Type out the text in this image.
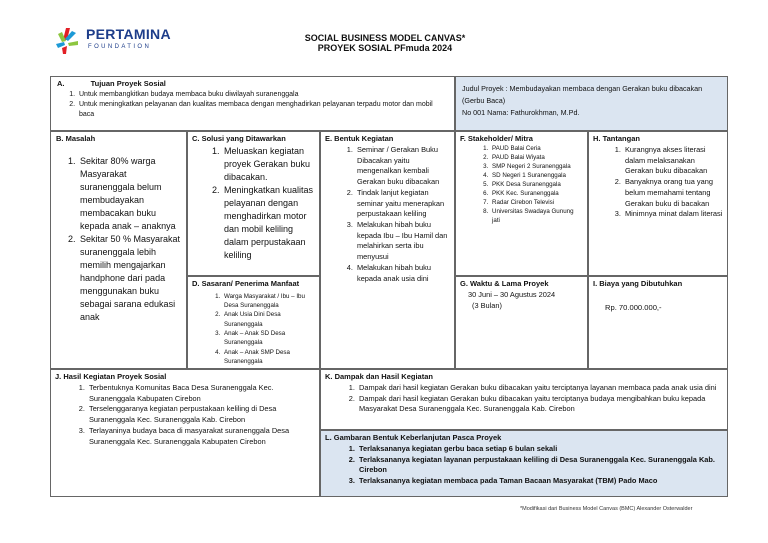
PERTAMINA
FOUNDATION
SOCIAL BUSINESS MODEL CANVAS*
PROYEK SOSIAL PFmuda 2024
A.	Tujuan Proyek Sosial
1. Untuk membangkitkan budaya membaca buku diwilayah suranenggala
2. Untuk meningkatkan pelayanan dan kualitas membaca dengan menghadirkan pelayanan terpadu motor dan mobil baca
Judul Proyek : Membudayakan membaca dengan Gerakan buku dibacakan (Gerbu Baca)
No 001 Nama: Fathurokhman, M.Pd.
B. Masalah
1. Sekitar 80% warga Masyarakat suranenggala belum membudayakan membacakan buku kepada anak – anaknya
2. Sekitar 50 % Masyarakat suranenggala lebih memilih mengajarkan handphone dari pada menggunakan buku sebagai sarana edukasi anak
C. Solusi yang Ditawarkan
1. Meluaskan kegiatan proyek Gerakan buku dibacakan.
2. Meningkatkan kualitas pelayanan dengan menghadirkan motor dan mobil keliling dalam perpustakaan keliling
D. Sasaran/ Penerima Manfaat
1. Warga Masyarakat / Ibu – Ibu Desa Suranenggala
2. Anak Usia Dini Desa Suranenggala
3. Anak – Anak SD Desa Suranenggala
4. Anak – Anak SMP Desa Suranenggala
E. Bentuk Kegiatan
1. Seminar / Gerakan Buku Dibacakan yaitu mengenalkan kembali Gerakan buku dibacakan
2. Tindak lanjut kegiatan seminar yaitu menerapkan perpustakaan keliling
3. Melakukan hibah buku kepada Ibu – Ibu Hamil dan melahirkan serta ibu menyusui
4. Melakukan hibah buku kepada anak usia dini
F. Stakeholder/ Mitra
1. PAUD Balai Ceria
2. PAUD Balai Wiyata
3. SMP Negeri 2 Suranenggala
4. SD Negeri 1 Suranenggala
5. PKK Desa Suranenggala
6. PKK Kec. Suranenggala
7. Radar Cirebon Televisi
8. Universitas Swadaya Gunung jati
G. Waktu & Lama Proyek
30 Juni – 30 Agustus 2024
(3 Bulan)
H. Tantangan
1. Kurangnya akses literasi dalam melaksanakan Gerakan buku dibacakan
2. Banyaknya orang tua yang belum memahami tentang Gerakan buku di bacakan
3. Minimnya minat dalam literasi
I. Biaya yang Dibutuhkan
Rp. 70.000.000,-
J. Hasil Kegiatan Proyek Sosial
1. Terbentuknya Komunitas Baca Desa Suranenggala Kec. Suranenggala Kabupaten Cirebon
2. Terselenggaranya kegiatan perpustakaan keliling di Desa Suranenggala Kec. Suranenggala Kab. Cirebon
3. Terlayaninya budaya baca di masyarakat suranenggala Desa Suranenggala Kec. Suranenggala Kabupaten Cirebon
K. Dampak dan Hasil Kegiatan
1. Dampak dari hasil kegiatan Gerakan buku dibacakan yaitu terciptanya layanan membaca pada anak usia dini
2. Dampak dari hasil kegiatan Gerakan buku dibacakan yaitu terciptanya budaya mengibahkan buku kepada Masyarakat Desa Suranenggala Kec. Suranenggala Kab. Cirebon
L. Gambaran Bentuk Keberlanjutan Pasca Proyek
1. Terlaksananya kegiatan gerbu baca setiap 6 bulan sekali
2. Terlaksananya kegiatan layanan perpustakaan keliling di Desa Suranenggala Kec. Suranenggala Kab. Cirebon
3. Terlaksananya kegiatan membaca pada Taman Bacaan Masyarakat (TBM) Pado Maco
*Modifikasi dari Business Model Canvas (BMC) Alexander Osterwalder
